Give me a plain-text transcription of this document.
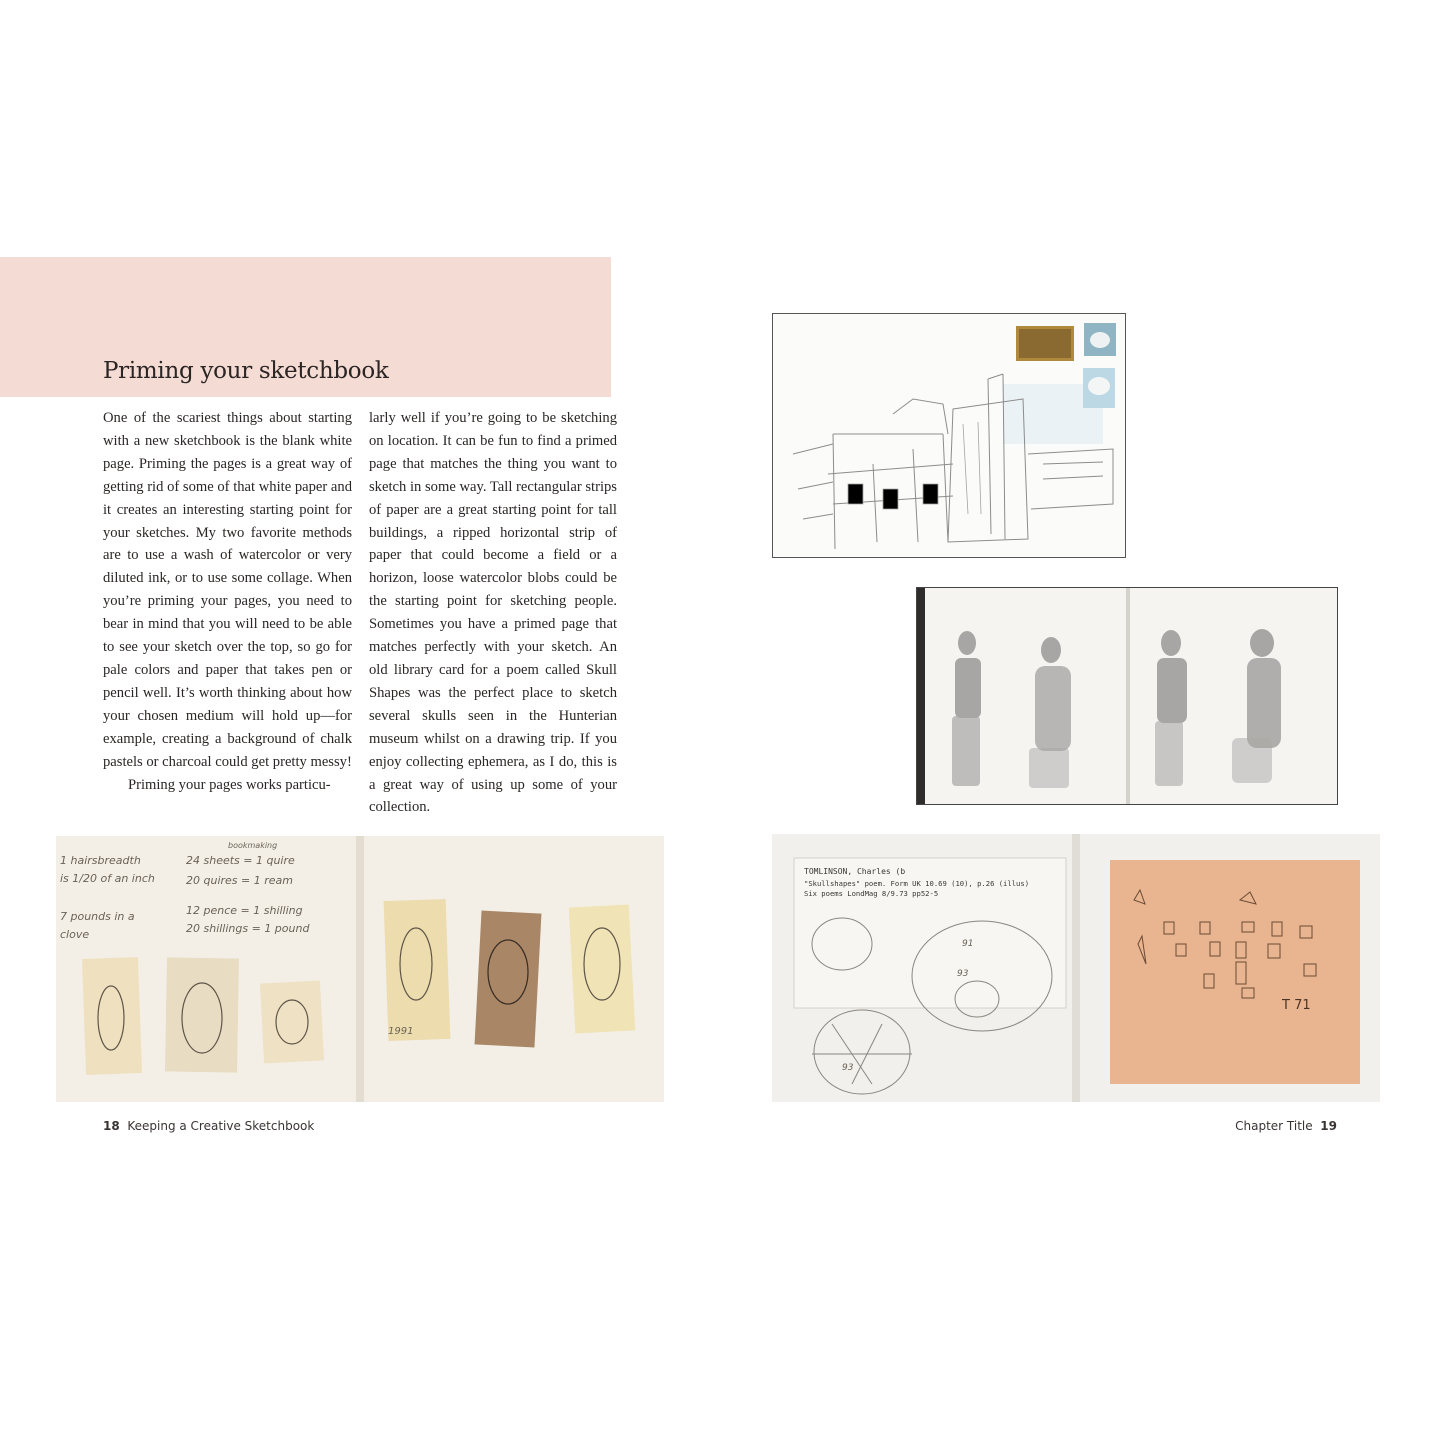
Priming your sketchbook

One of the scariest things about starting with a new sketchbook is the blank white page. Priming the pages is a great way of getting rid of some of that white paper and it creates an interesting starting point for your sketches. My two favorite methods are to use a wash of watercolor or very diluted ink, or to use some collage. When you’re priming your pages, you need to bear in mind that you will need to be able to see your sketch over the top, so go for pale colors and paper that takes pen or pencil well. It’s worth thinking about how your chosen medium will hold up—for example, creating a background of chalk pastels or charcoal could get pretty messy!

Priming your pages works particu-

larly well if you’re going to be sketching on location. It can be fun to find a primed page that matches the thing you want to sketch in some way. Tall rectangular strips of paper are a great starting point for tall buildings, a ripped horizontal strip of paper that could become a field or a horizon, loose watercolor blobs could be the starting point for sketching people. Sometimes you have a primed page that matches perfectly with your sketch. An old library card for a poem called Skull Shapes was the perfect place to sketch several skulls seen in the Hunterian museum whilst on a drawing trip. If you enjoy collecting ephemera, as I do, this is a great way of using up some of your collection.

1 hairsbreadth
is 1/20 of an inch
7 pounds in a
clove
bookmaking
24 sheets = 1 quire
20 quires = 1 ream
12 pence = 1 shilling
20 shillings = 1 pound
1991
TOMLINSON, Charles (b
"Skullshapes" poem. Form UK 10.69 (10), p.26 (illus)
Six poems LondMag 8/9.73 pp52-5
91
93
93
T 71
18 Keeping a Creative Sketchbook	Chapter Title 19
